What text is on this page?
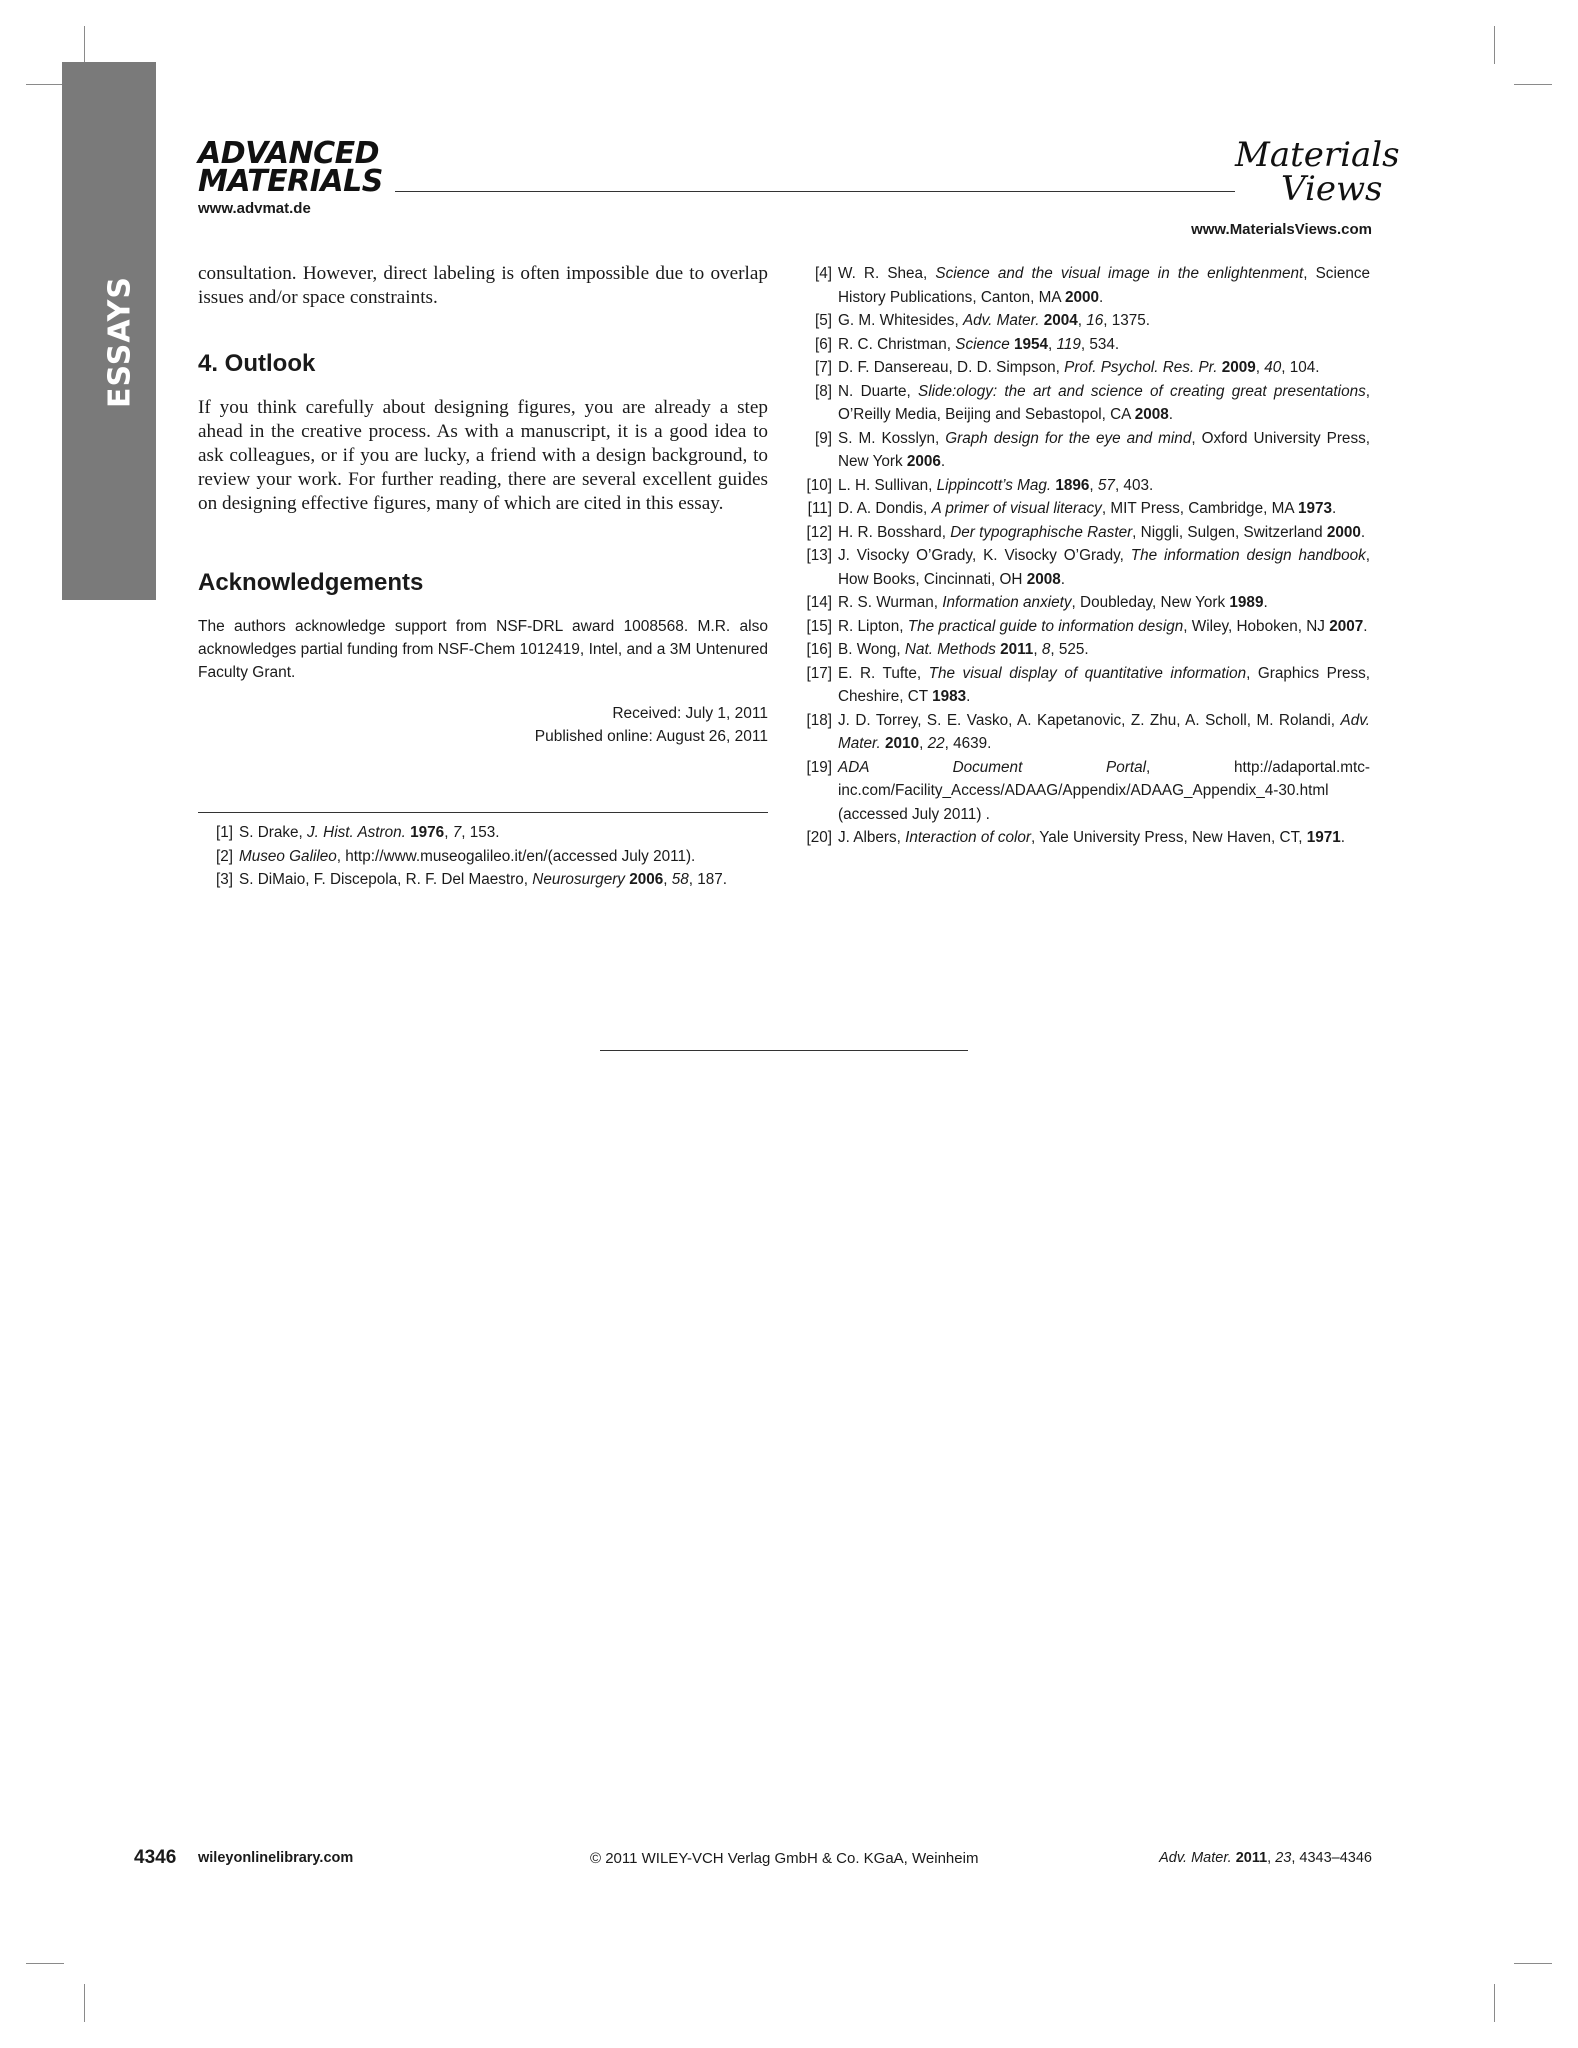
ESSAYS
ADVANCED
MATERIALS
www.advmat.de
Materials
Views
www.MaterialsViews.com

consultation. However, direct labeling is often impossible due to overlap issues and/or space constraints.

4. Outlook

If you think carefully about designing figures, you are already a step ahead in the creative process. As with a manuscript, it is a good idea to ask colleagues, or if you are lucky, a friend with a design background, to review your work. For further reading, there are several excellent guides on designing effective figures, many of which are cited in this essay.

Acknowledgements

The authors acknowledge support from NSF-DRL award 1008568. M.R. also acknowledges partial funding from NSF-Chem 1012419, Intel, and a 3M Untenured Faculty Grant.

Received: July 1, 2011
Published online: August 26, 2011
[1] S. Drake, J. Hist. Astron. 1976, 7, 153.
[2] Museo Galileo, http://www.museogalileo.it/en/(accessed July 2011).
[3] S. DiMaio, F. Discepola, R. F. Del Maestro, Neurosurgery 2006, 58, 187.
[4] W. R. Shea, Science and the visual image in the enlightenment, Science History Publications, Canton, MA 2000.
[5] G. M. Whitesides, Adv. Mater. 2004, 16, 1375.
[6] R. C. Christman, Science 1954, 119, 534.
[7] D. F. Dansereau, D. D. Simpson, Prof. Psychol. Res. Pr. 2009, 40, 104.
[8] N. Duarte, Slide:ology: the art and science of creating great presentations, O’Reilly Media, Beijing and Sebastopol, CA 2008.
[9] S. M. Kosslyn, Graph design for the eye and mind, Oxford University Press, New York 2006.
[10] L. H. Sullivan, Lippincott’s Mag. 1896, 57, 403.
[11] D. A. Dondis, A primer of visual literacy, MIT Press, Cambridge, MA 1973.
[12] H. R. Bosshard, Der typographische Raster, Niggli, Sulgen, Switzerland 2000.
[13] J. Visocky O’Grady, K. Visocky O’Grady, The information design handbook, How Books, Cincinnati, OH 2008.
[14] R. S. Wurman, Information anxiety, Doubleday, New York 1989.
[15] R. Lipton, The practical guide to information design, Wiley, Hoboken, NJ 2007.
[16] B. Wong, Nat. Methods 2011, 8, 525.
[17] E. R. Tufte, The visual display of quantitative information, Graphics Press, Cheshire, CT 1983.
[18] J. D. Torrey, S. E. Vasko, A. Kapetanovic, Z. Zhu, A. Scholl, M. Rolandi, Adv. Mater. 2010, 22, 4639.
[19] ADA Document Portal, http://adaportal.mtc-inc.com/Facility_Access/ADAAG/Appendix/ADAAG_Appendix_4-30.html (accessed July 2011) .
[20] J. Albers, Interaction of color, Yale University Press, New Haven, CT, 1971.
4346 wileyonlinelibrary.com	© 2011 WILEY-VCH Verlag GmbH & Co. KGaA, Weinheim	Adv. Mater. 2011, 23, 4343–4346
